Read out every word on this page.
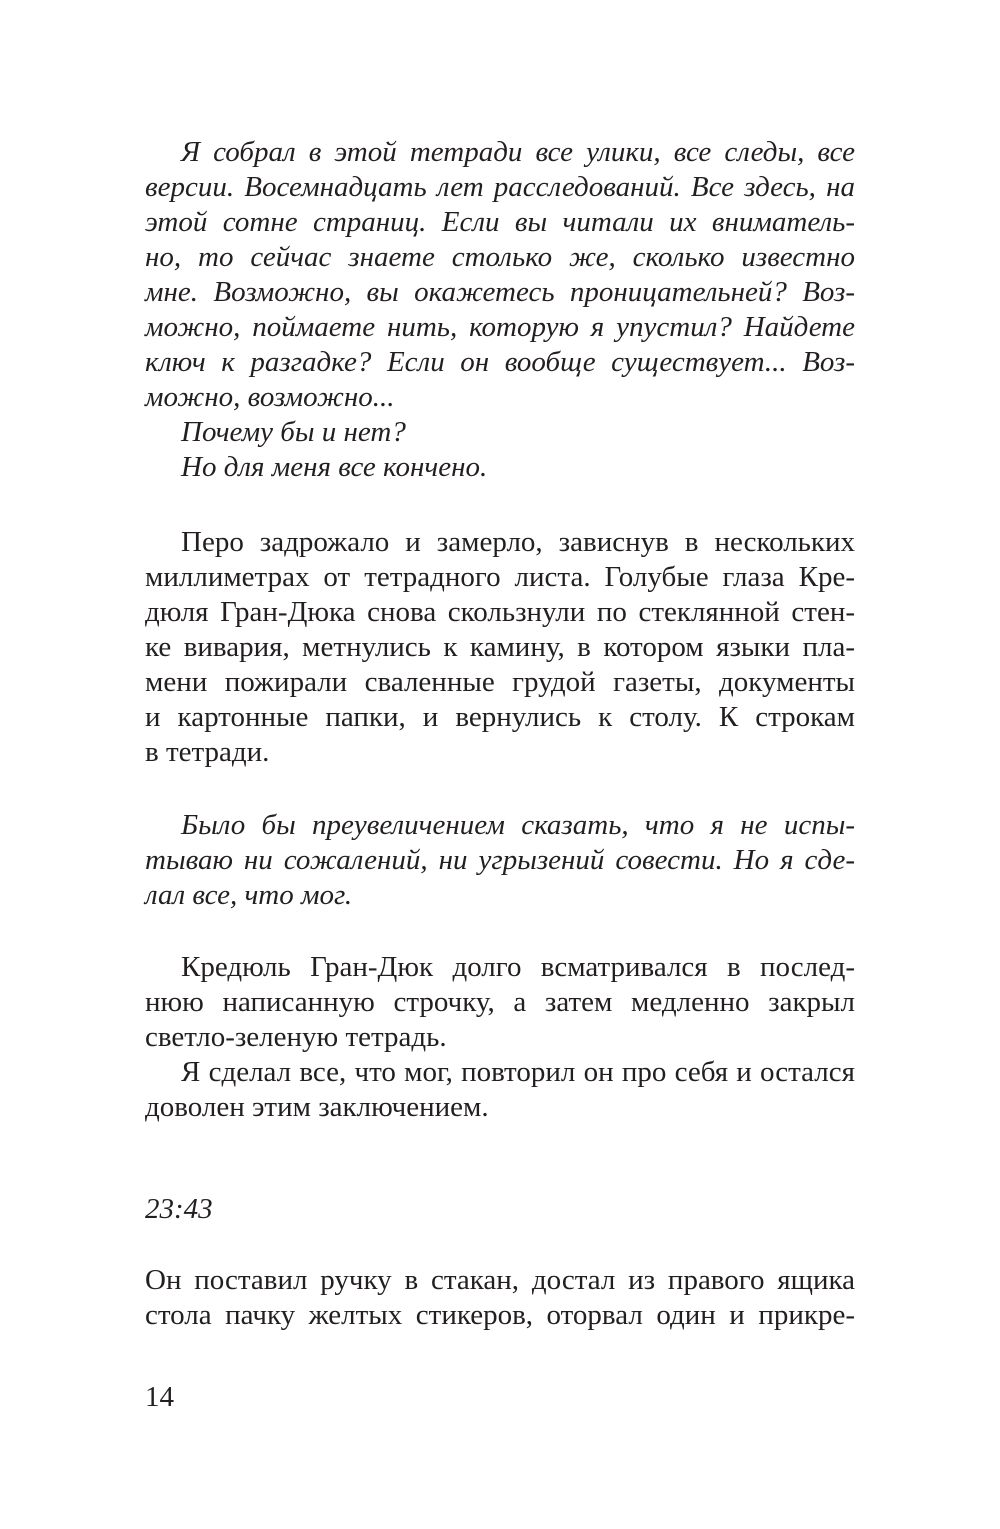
Я собрал в этой тетради все улики, все следы, все
версии. Восемнадцать лет расследований. Все здесь, на
этой сотне страниц. Если вы читали их вниматель-
но, то сейчас знаете столько же, сколько известно
мне. Возможно, вы окажетесь проницательней? Воз-
можно, поймаете нить, которую я упустил? Найдете
ключ к разгадке? Если он вообще существует... Воз-
можно, возможно...
Почему бы и нет?
Но для меня все кончено.
Перо задрожало и замерло, зависнув в нескольких
миллиметрах от тетрадного листа. Голубые глаза Кре-
дюля Гран-Дюка снова скользнули по стеклянной стен-
ке вивария, метнулись к камину, в котором языки пла-
мени пожирали сваленные грудой газеты, документы
и картонные папки, и вернулись к столу. К строкам
в тетради.
Было бы преувеличением сказать, что я не испы-
тываю ни сожалений, ни угрызений совести. Но я сде-
лал все, что мог.
Кредюль Гран-Дюк долго всматривался в послед-
нюю написанную строчку, а затем медленно закрыл
светло-зеленую тетрадь.
Я сделал все, что мог, повторил он про себя и остался
доволен этим заключением.
23:43
Он поставил ручку в стакан, достал из правого ящика
стола пачку желтых стикеров, оторвал один и прикре-
14
